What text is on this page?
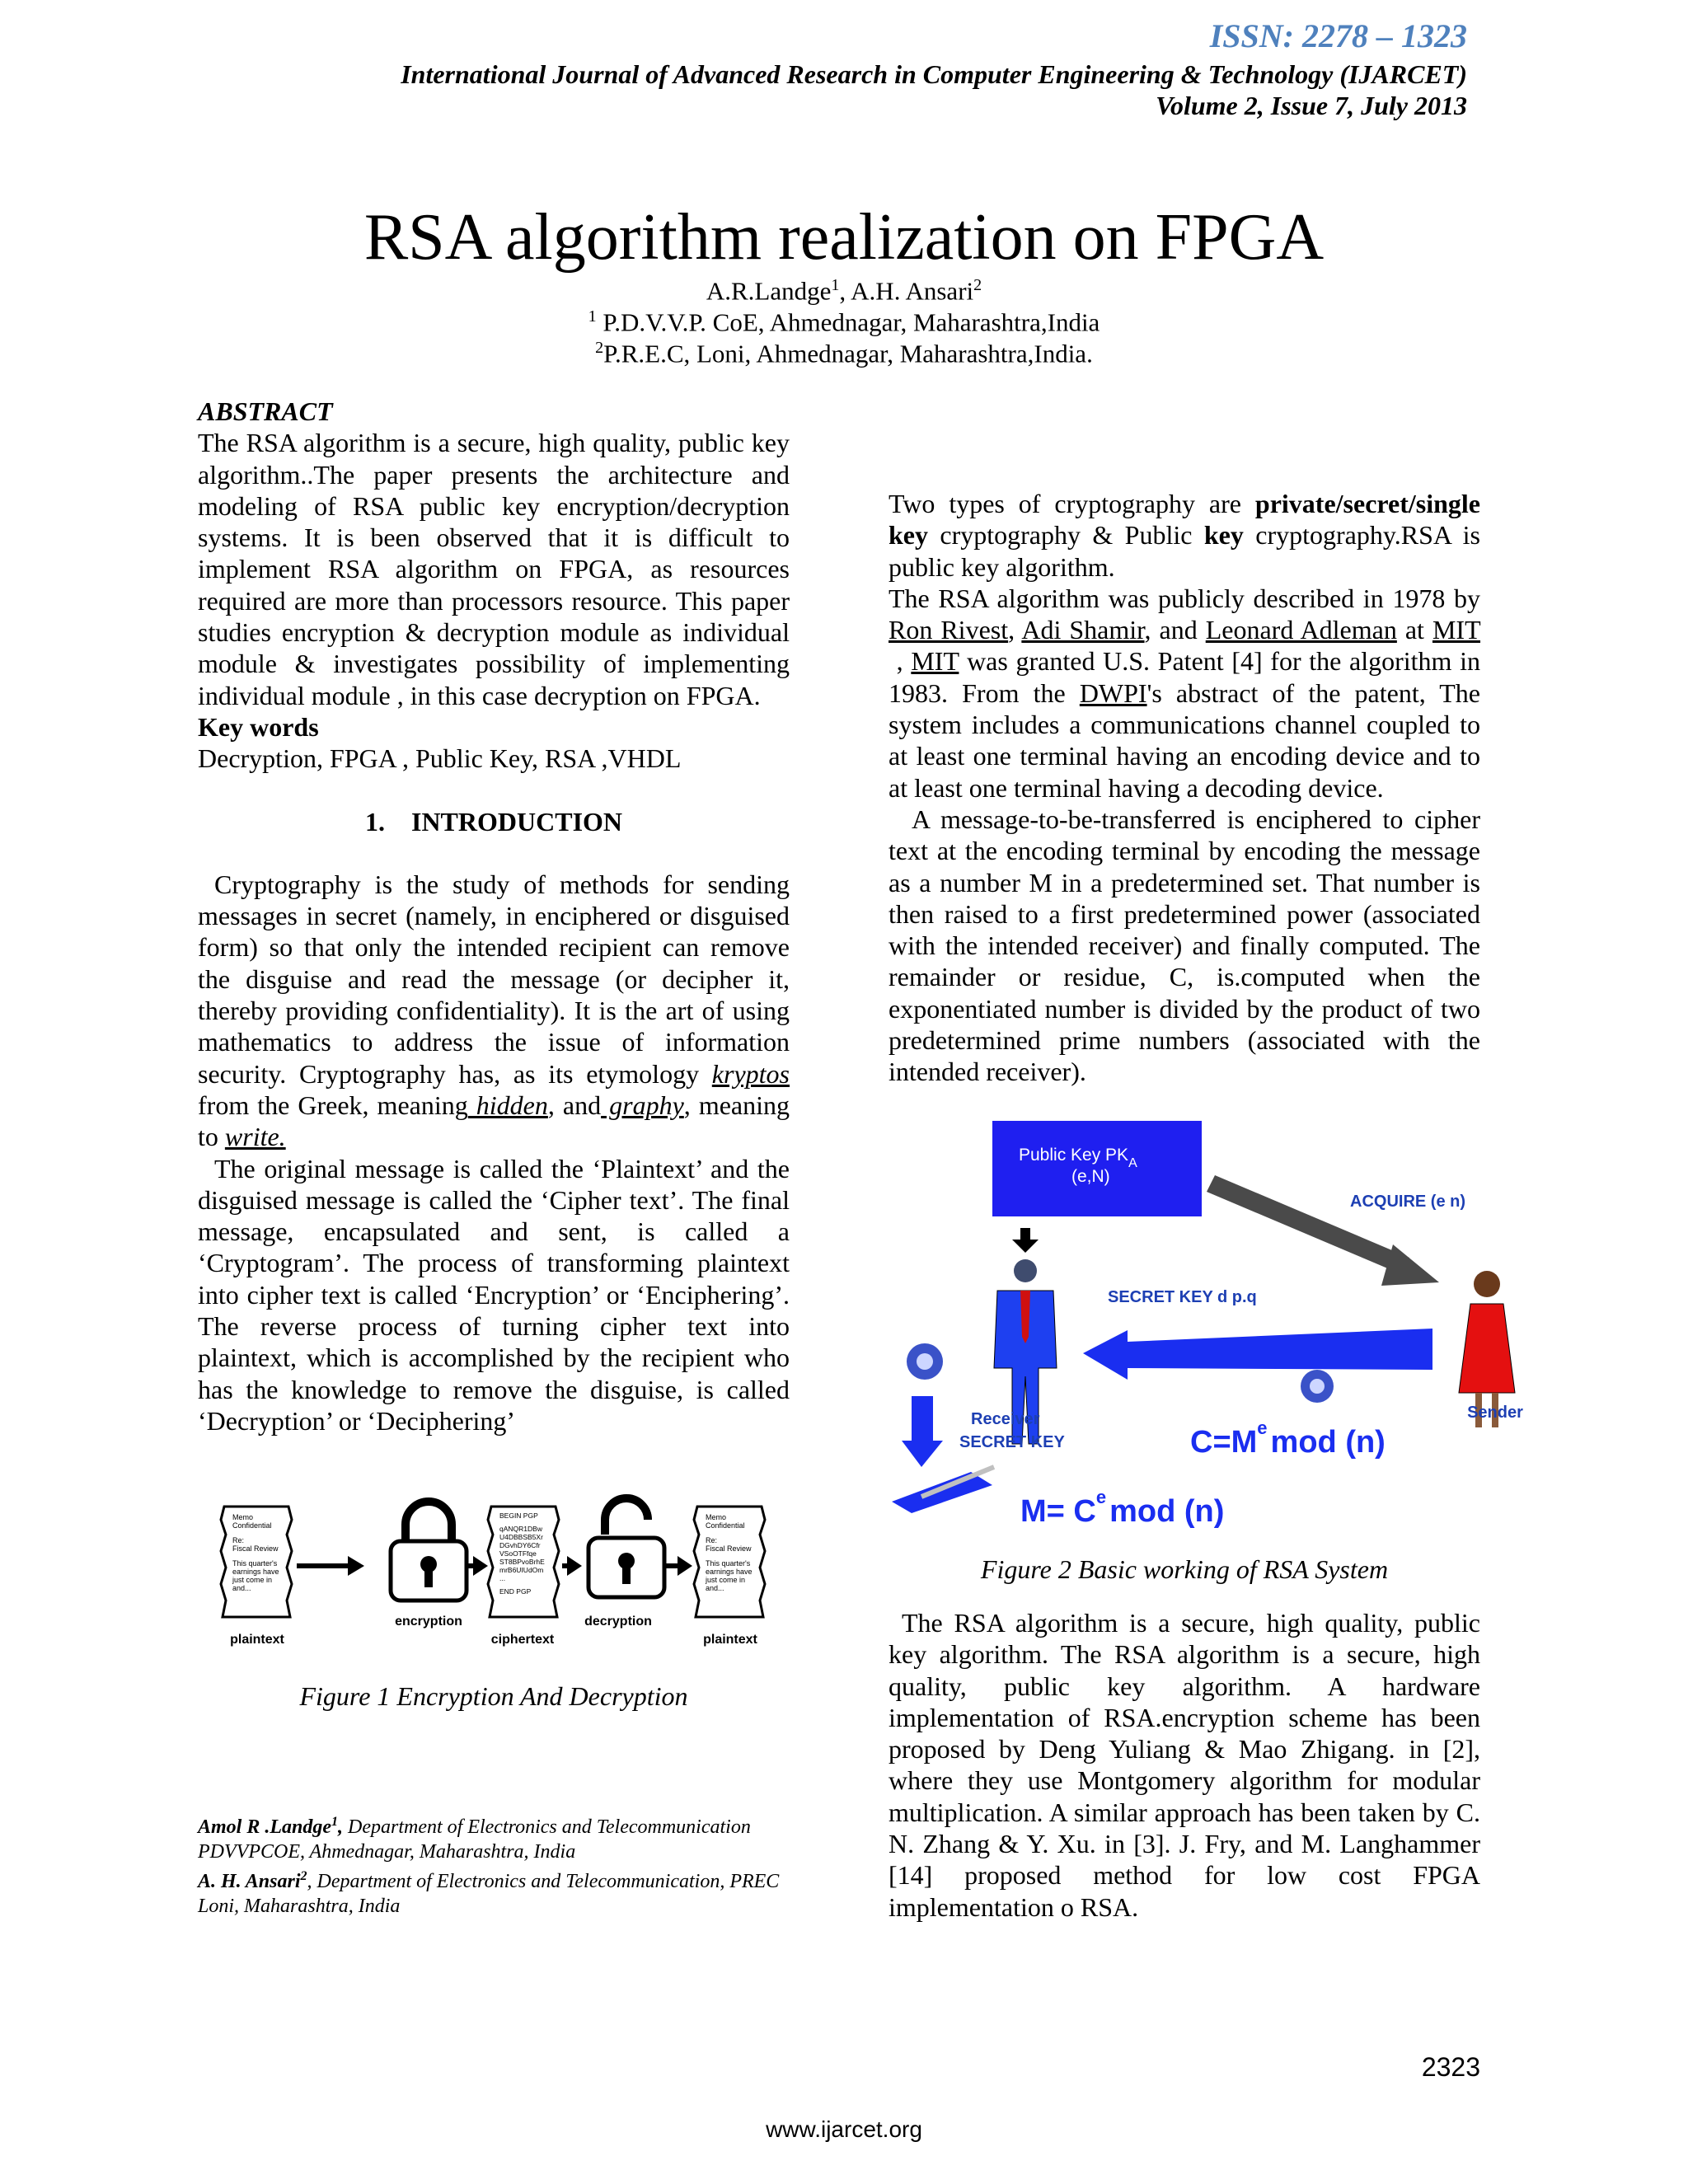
ISSN: 2278 – 1323
International Journal of Advanced Research in Computer Engineering & Technology (IJARCET)
Volume 2, Issue 7, July 2013
RSA algorithm realization on FPGA
A.R.Landge$^1$, A.H. Ansari$^2$
$^1$ P.D.V.V.P. CoE, Ahmednagar, Maharashtra,India
$^2$P.R.E.C, Loni, Ahmednagar, Maharashtra,India.
ABSTRACT

The RSA algorithm is a secure, high quality, public key algorithm..The paper presents the architecture and modeling of RSA public key encryption/decryption systems. It is been observed that it is difficult to implement RSA algorithm on FPGA, as resources required are more than processors resource. This paper studies encryption & decryption module as individual module & investigates possibility of implementing individual module , in this case decryption on FPGA.

Key words
Decryption, FPGA , Public Key, RSA ,VHDL
1.    INTRODUCTION

Cryptography is the study of methods for sending messages in secret (namely, in enciphered or disguised form) so that only the intended recipient can remove the disguise and read the message (or decipher it, thereby providing confidentiality). It is the art of using mathematics to address the issue of information security. Cryptography has, as its etymology kryptos from the Greek, meaning hidden, and graphy, meaning to write.

The original message is called the ‘Plaintext’ and the disguised message is called the ‘Cipher text’. The final message, encapsulated and sent, is called a ‘Cryptogram’. The process of transforming plaintext into cipher text is called ‘Encryption’ or ‘Enciphering’. The reverse process of turning cipher text into plaintext, which is accomplished by the recipient who has the knowledge to remove the disguise, is called ‘Decryption’ or ‘Deciphering’

Memo
Confidential
Re:
Fiscal Review
This quarter's
earnings have
just come in
and...
plaintext
encryption
BEGIN PGP
qANQR1DBw
U4DBBSB5Xr
DGvhDY6Cfr
VSoOTFfqe
ST8BPvoBrhE
mrB6UIUdOm
...
END PGP
ciphertext
decryption
Memo
Confidential
Re:
Fiscal Review
This quarter's
earnings have
just come in
and...
plaintext
Figure 1 Encryption And Decryption
Amol R .Landge$^1$, Department of Electronics and Telecommunication PDVVPCOE, Ahmednagar, Maharashtra, India
A. H. Ansari$^2$, Department of Electronics and Telecommunication, PREC Loni, Maharashtra, India

Two types of cryptography are private/secret/single key cryptography & Public key cryptography.RSA is public key algorithm.

The RSA algorithm was publicly described in 1978 by Ron Rivest, Adi Shamir, and Leonard Adleman at MIT , MIT was granted U.S. Patent [4] for the algorithm in 1983. From the DWPI's abstract of the patent, The system includes a communications channel coupled to at least one terminal having an encoding device and to at least one terminal having a decoding device.

A message-to-be-transferred is enciphered to cipher text at the encoding terminal by encoding the message as a number M in a predetermined set. That number is then raised to a first predetermined power (associated with the intended receiver) and finally computed. The remainder or residue, C, is.computed when the exponentiated number is divided by the product of two predetermined prime numbers (associated with the intended receiver).

Public Key $PK_A$
(e,N)
ACQUIRE (e n)
SECRET KEY d p.q
Sender
Receiver
SECRET KEY	$C=M^e$ mod (n)
$M= C^e$ mod (n)
Figure 2 Basic working of RSA System

The RSA algorithm is a secure, high quality, public key algorithm. The RSA algorithm is a secure, high quality, public key algorithm. A hardware implementation of RSA.encryption scheme has been proposed by Deng Yuliang & Mao Zhigang. in [2], where they use Montgomery algorithm for modular multiplication. A similar approach has been taken by C. N. Zhang & Y. Xu. in [3]. J. Fry, and M. Langhammer [14] proposed method for low cost FPGA implementation o RSA.

2323
www.ijarcet.org
